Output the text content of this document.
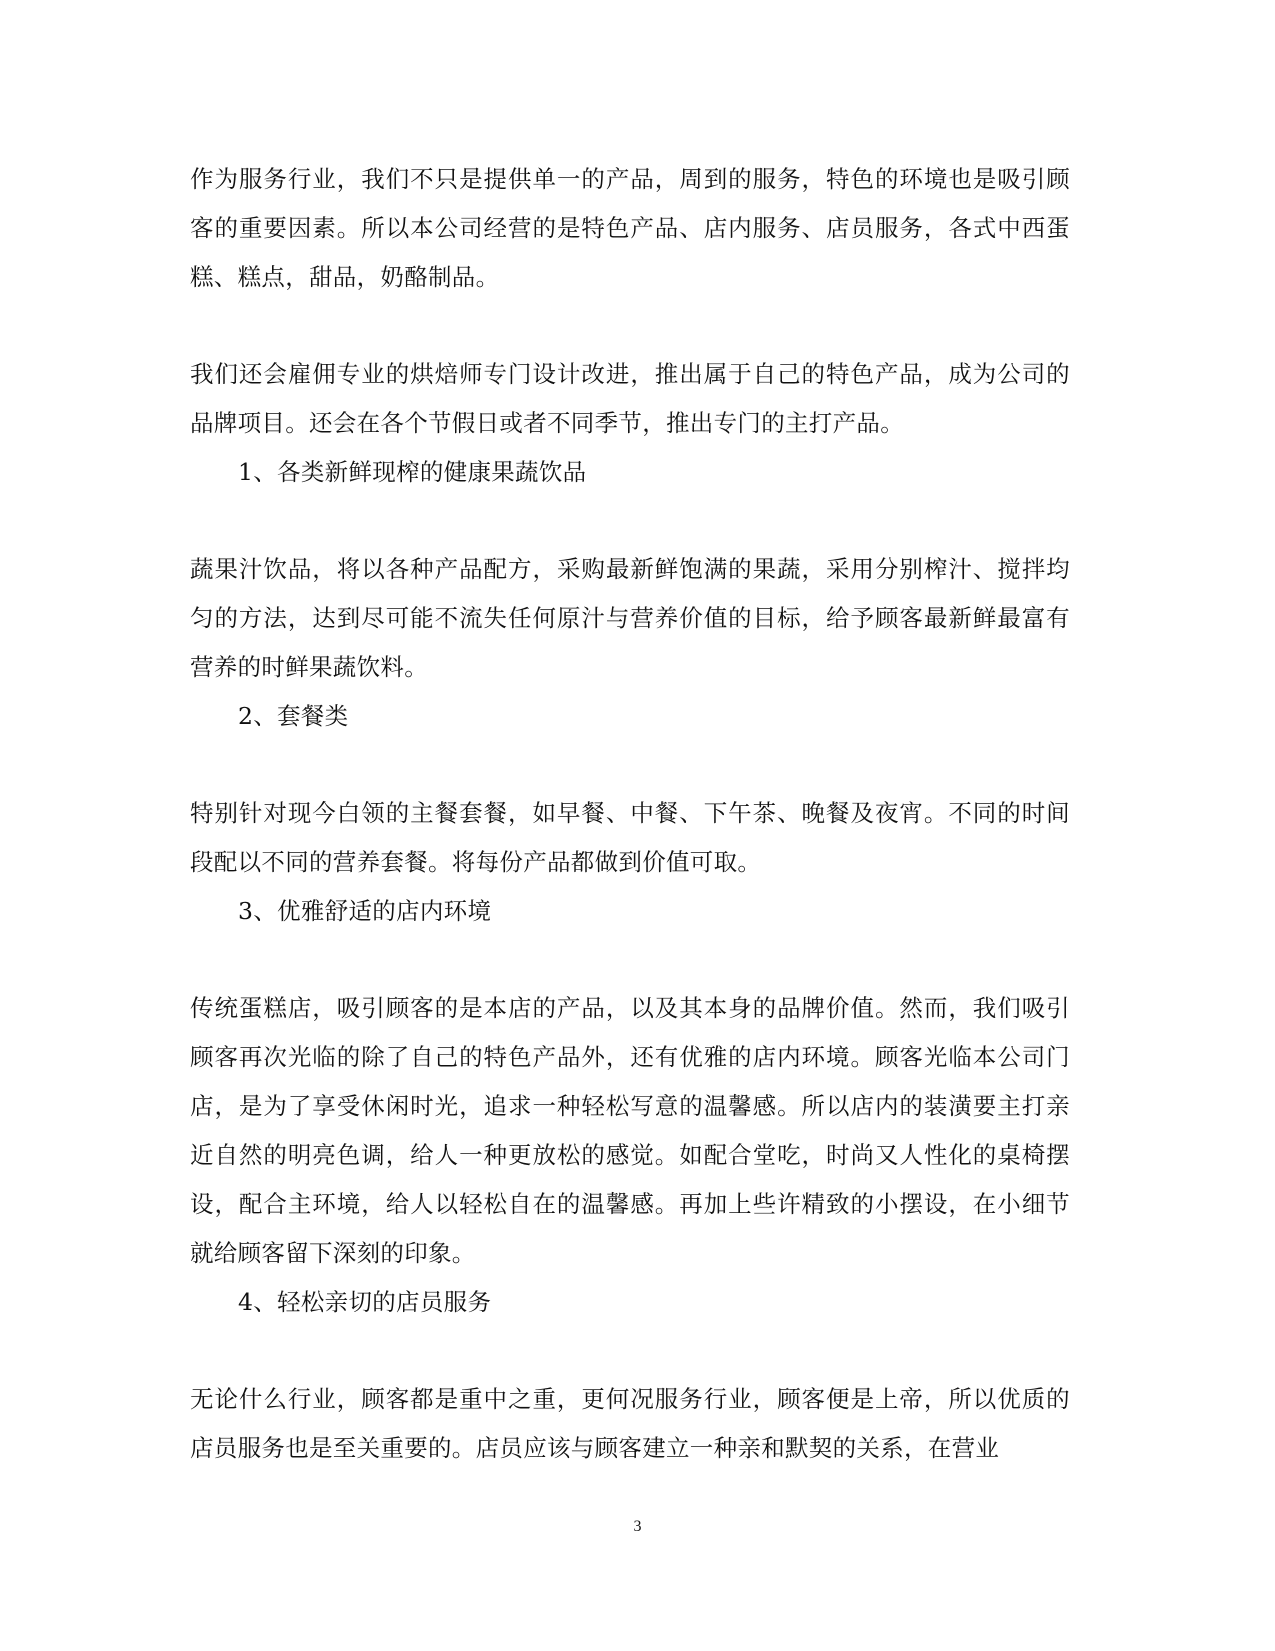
作为服务行业，我们不只是提供单一的产品，周到的服务，特色的环境也是吸引顾客的重要因素。所以本公司经营的是特色产品、店内服务、店员服务，各式中西蛋糕、糕点，甜品，奶酪制品。

我们还会雇佣专业的烘焙师专门设计改进，推出属于自己的特色产品，成为公司的品牌项目。还会在各个节假日或者不同季节，推出专门的主打产品。

1、各类新鲜现榨的健康果蔬饮品

蔬果汁饮品，将以各种产品配方，采购最新鲜饱满的果蔬，采用分别榨汁、搅拌均匀的方法，达到尽可能不流失任何原汁与营养价值的目标，给予顾客最新鲜最富有营养的时鲜果蔬饮料。

2、套餐类

特别针对现今白领的主餐套餐，如早餐、中餐、下午茶、晚餐及夜宵。不同的时间段配以不同的营养套餐。将每份产品都做到价值可取。

3、优雅舒适的店内环境

传统蛋糕店，吸引顾客的是本店的产品，以及其本身的品牌价值。然而，我们吸引顾客再次光临的除了自己的特色产品外，还有优雅的店内环境。顾客光临本公司门店，是为了享受休闲时光，追求一种轻松写意的温馨感。所以店内的装潢要主打亲近自然的明亮色调，给人一种更放松的感觉。如配合堂吃，时尚又人性化的桌椅摆设，配合主环境，给人以轻松自在的温馨感。再加上些许精致的小摆设，在小细节就给顾客留下深刻的印象。

4、轻松亲切的店员服务

无论什么行业，顾客都是重中之重，更何况服务行业，顾客便是上帝，所以优质的店员服务也是至关重要的。店员应该与顾客建立一种亲和默契的关系，在营业

3
